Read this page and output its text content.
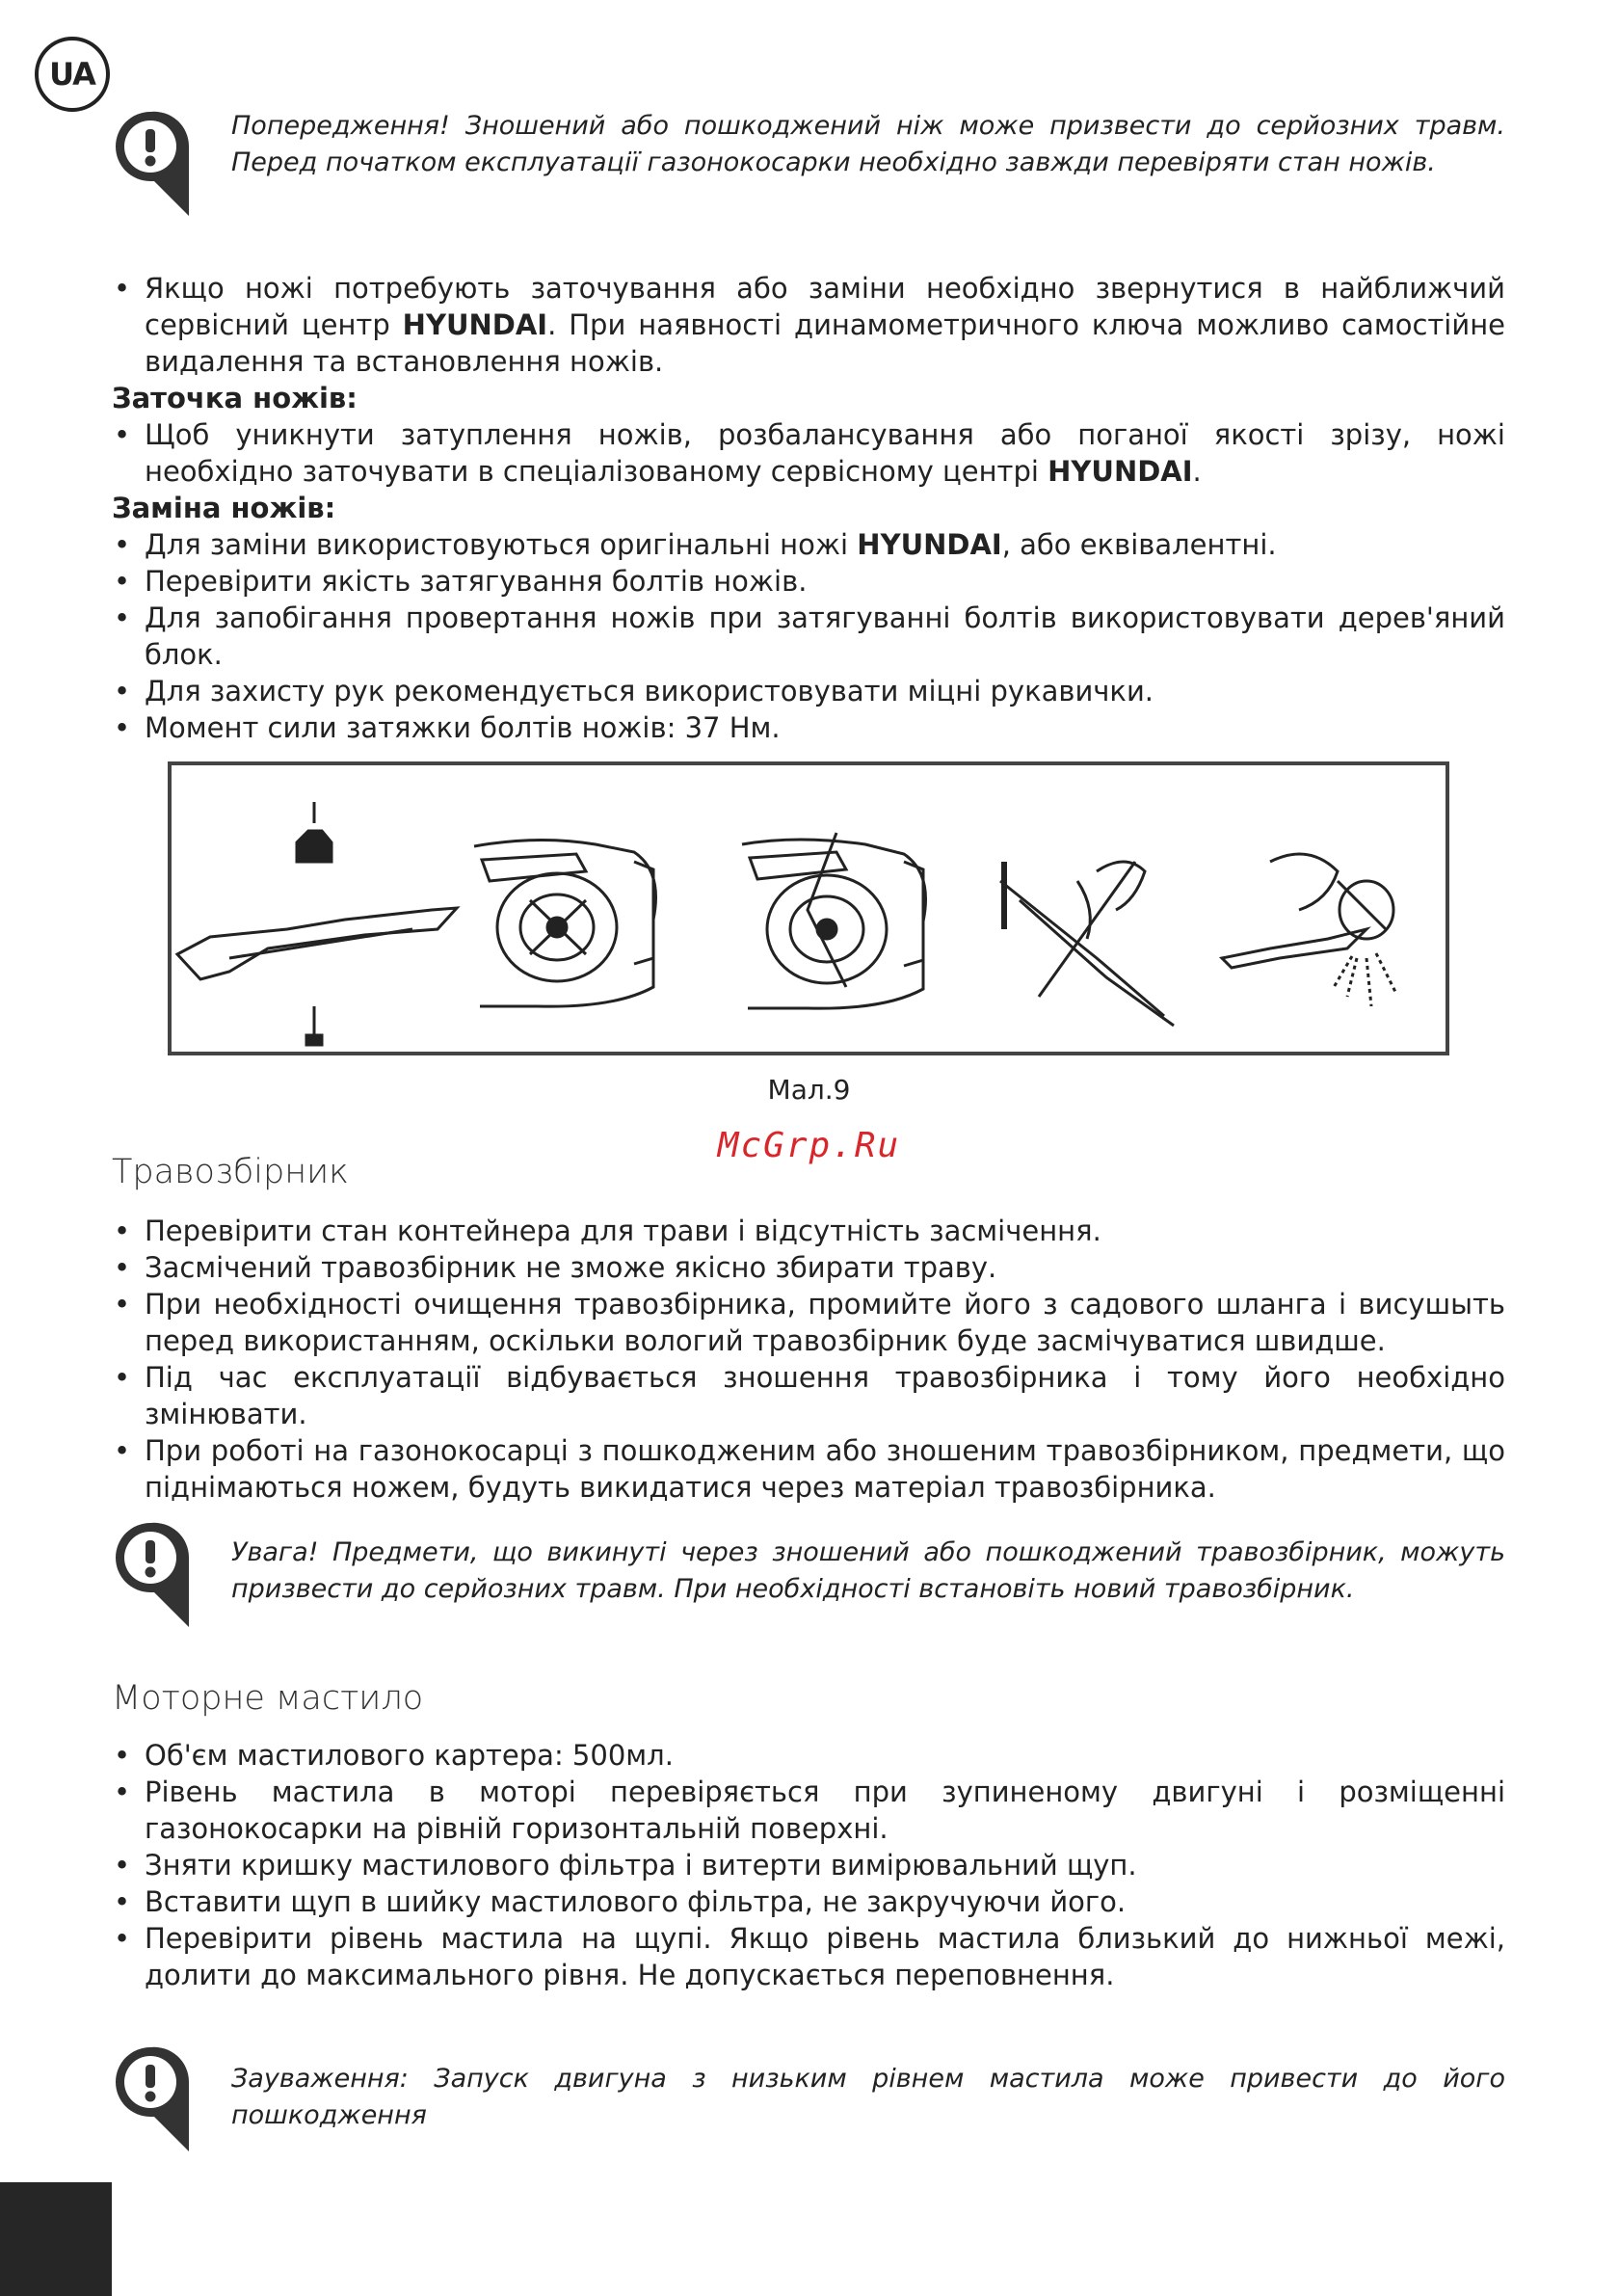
UA
Попередження! Зношений або пошкоджений ніж може призвести до серйозних травм. Перед початком експлуатації газонокосарки необхідно завжди перевіряти стан ножів.
• Якщо ножі потребують заточування або заміни необхідно звернутися в найближчий сервісний центр HYUNDAI. При наявності динамометричного ключа можливо самостійне видалення та встановлення ножів.
Заточка ножів:
• Щоб уникнути затуплення ножів, розбалансування або поганої якості зрізу, ножі необхідно заточувати в спеціалізованому сервісному центрі HYUNDAI.
Заміна ножів:
• Для заміни використовуються оригінальні ножі HYUNDAI, або еквівалентні.
• Перевірити якість затягування болтів ножів.
• Для запобігання провертання ножів при затягуванні болтів використовувати дерев'яний блок.
• Для захисту рук рекомендується використовувати міцні рукавички.
• Момент сили затяжки болтів ножів: 37 Нм.
Мал.9
McGrp.Ru
Травозбірник
• Перевірити стан контейнера для трави і відсутність засмічення.
• Засмічений травозбірник не зможе якісно збирати траву.
• При необхідності очищення травозбірника, промийте його з садового шланга і висушыть перед використанням, оскільки вологий травозбірник буде засмічуватися швидше.
• Під час експлуатації відбувається зношення травозбірника і тому його необхідно змінювати.
• При роботі на газонокосарці з пошкодженим або зношеним травозбірником, предмети, що піднімаються ножем, будуть викидатися через матеріал травозбірника.
Увага! Предмети, що викинуті через зношений або пошкоджений травозбірник, можуть призвести до серйозних травм. При необхідності встановіть новий травозбірник.
Моторне мастило
• Об'єм мастилового картера: 500мл.
• Рівень мастила в моторі перевіряється при зупиненому двигуні і розміщенні газонокосарки на рівній горизонтальній поверхні.
• Зняти кришку мастилового фільтра і витерти вимірювальний щуп.
• Вставити щуп в шийку мастилового фільтра, не закручуючи його.
• Перевірити рівень мастила на щупі. Якщо рівень мастила близький до нижньої межі, долити до максимального рівня. Не допускається переповнення.
Зауваження: Запуск двигуна з низьким рівнем мастила може привести до його пошкодження
